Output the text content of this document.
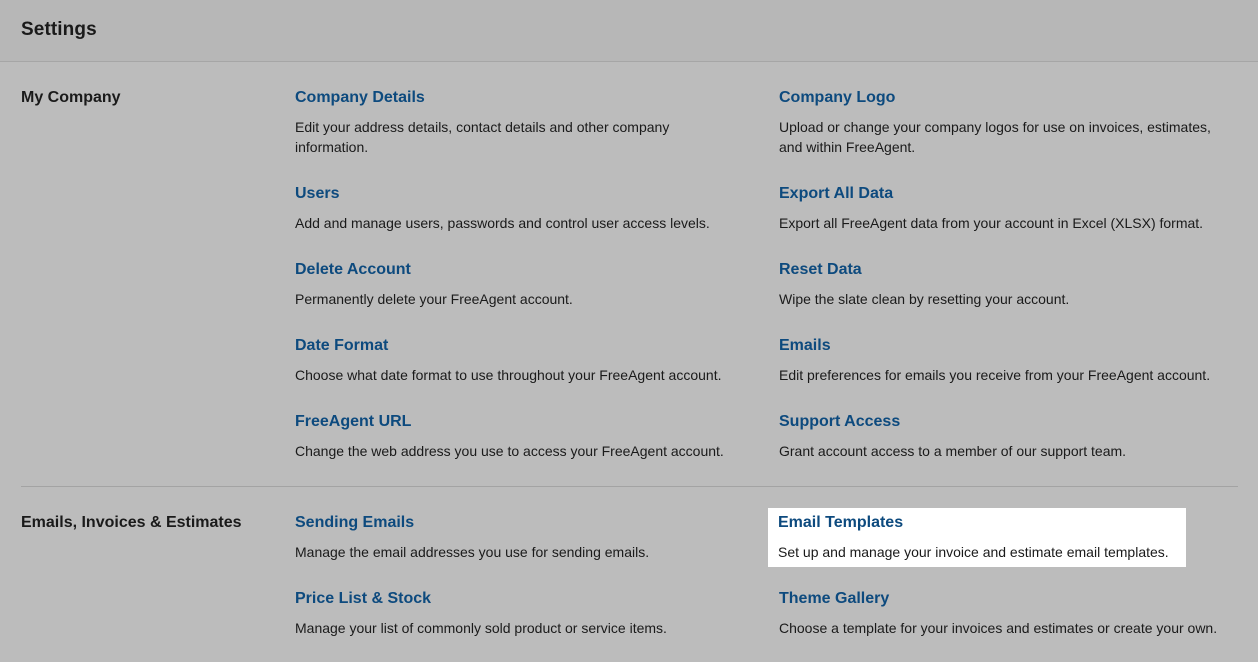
Settings
My Company	Company Details
Edit your address details, contact details and other company information.
Company Logo
Upload or change your company logos for use on invoices, estimates, and within FreeAgent.
Users
Add and manage users, passwords and control user access levels.
Export All Data
Export all FreeAgent data from your account in Excel (XLSX) format.
Delete Account
Permanently delete your FreeAgent account.
Reset Data
Wipe the slate clean by resetting your account.
Date Format
Choose what date format to use throughout your FreeAgent account.
Emails
Edit preferences for emails you receive from your FreeAgent account.
FreeAgent URL
Change the web address you use to access your FreeAgent account.
Support Access
Grant account access to a member of our support team.
Emails, Invoices & Estimates	Sending Emails
Manage the email addresses you use for sending emails.
Email Templates
Set up and manage your invoice and estimate email templates.
Price List & Stock
Manage your list of commonly sold product or service items.
Theme Gallery
Choose a template for your invoices and estimates or create your own.
